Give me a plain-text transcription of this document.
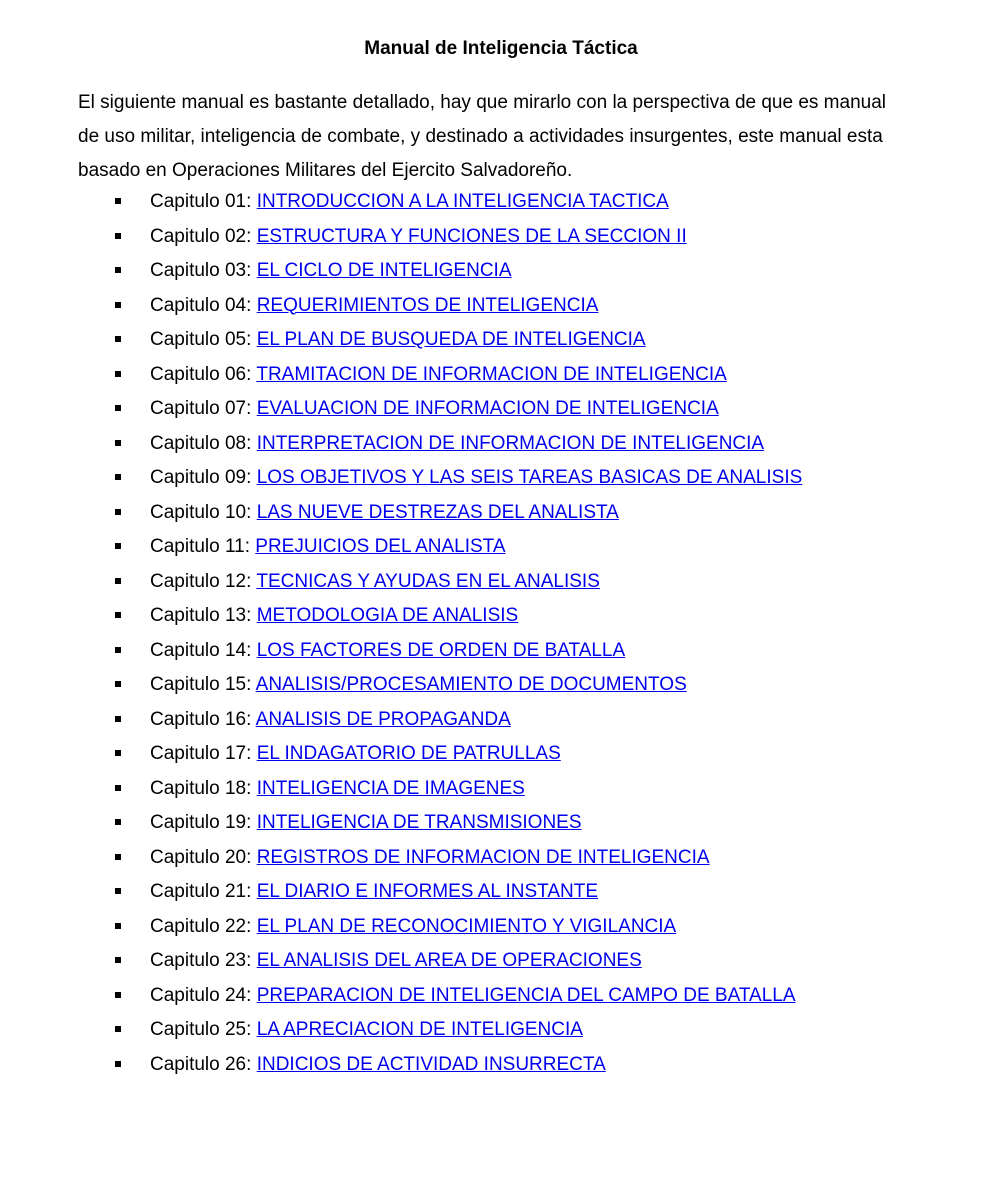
Manual de Inteligencia Táctica

El siguiente manual es bastante detallado, hay que mirarlo con la perspectiva de que es manual de uso militar, inteligencia de combate, y destinado a actividades insurgentes, este manual esta basado en Operaciones Militares del Ejercito Salvadoreño.

Capitulo 01: INTRODUCCION A LA INTELIGENCIA TACTICA
Capitulo 02: ESTRUCTURA Y FUNCIONES DE LA SECCION II
Capitulo 03: EL CICLO DE INTELIGENCIA
Capitulo 04: REQUERIMIENTOS DE INTELIGENCIA
Capitulo 05: EL PLAN DE BUSQUEDA DE INTELIGENCIA
Capitulo 06: TRAMITACION DE INFORMACION DE INTELIGENCIA
Capitulo 07: EVALUACION DE INFORMACION DE INTELIGENCIA
Capitulo 08: INTERPRETACION DE INFORMACION DE INTELIGENCIA
Capitulo 09: LOS OBJETIVOS Y LAS SEIS TAREAS BASICAS DE ANALISIS
Capitulo 10: LAS NUEVE DESTREZAS DEL ANALISTA
Capitulo 11: PREJUICIOS DEL ANALISTA
Capitulo 12: TECNICAS Y AYUDAS EN EL ANALISIS
Capitulo 13: METODOLOGIA DE ANALISIS
Capitulo 14: LOS FACTORES DE ORDEN DE BATALLA
Capitulo 15: ANALISIS/PROCESAMIENTO DE DOCUMENTOS
Capitulo 16: ANALISIS DE PROPAGANDA
Capitulo 17: EL INDAGATORIO DE PATRULLAS
Capitulo 18: INTELIGENCIA DE IMAGENES
Capitulo 19: INTELIGENCIA DE TRANSMISIONES
Capitulo 20: REGISTROS DE INFORMACION DE INTELIGENCIA
Capitulo 21: EL DIARIO E INFORMES AL INSTANTE
Capitulo 22: EL PLAN DE RECONOCIMIENTO Y VIGILANCIA
Capitulo 23: EL ANALISIS DEL AREA DE OPERACIONES
Capitulo 24: PREPARACION DE INTELIGENCIA DEL CAMPO DE BATALLA
Capitulo 25: LA APRECIACION DE INTELIGENCIA
Capitulo 26: INDICIOS DE ACTIVIDAD INSURRECTA
